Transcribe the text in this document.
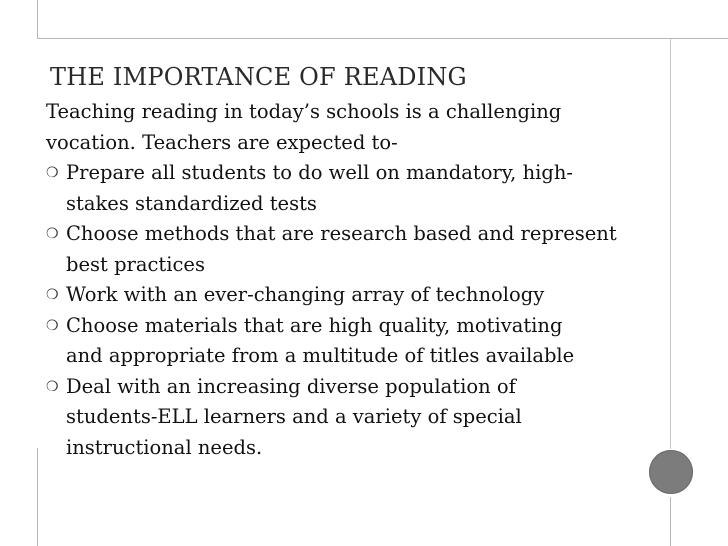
THE IMPORTANCE OF READING

Teaching reading in today’s schools is a challenging
vocation. Teachers are expected to-

❍ Prepare all students to do well on mandatory, high-
stakes standardized tests
❍ Choose methods that are research based and represent
best practices
❍ Work with an ever-changing array of technology
❍ Choose materials that are high quality, motivating
and appropriate from a multitude of titles available
❍ Deal with an increasing diverse population of
students-ELL learners and a variety of special
instructional needs.
